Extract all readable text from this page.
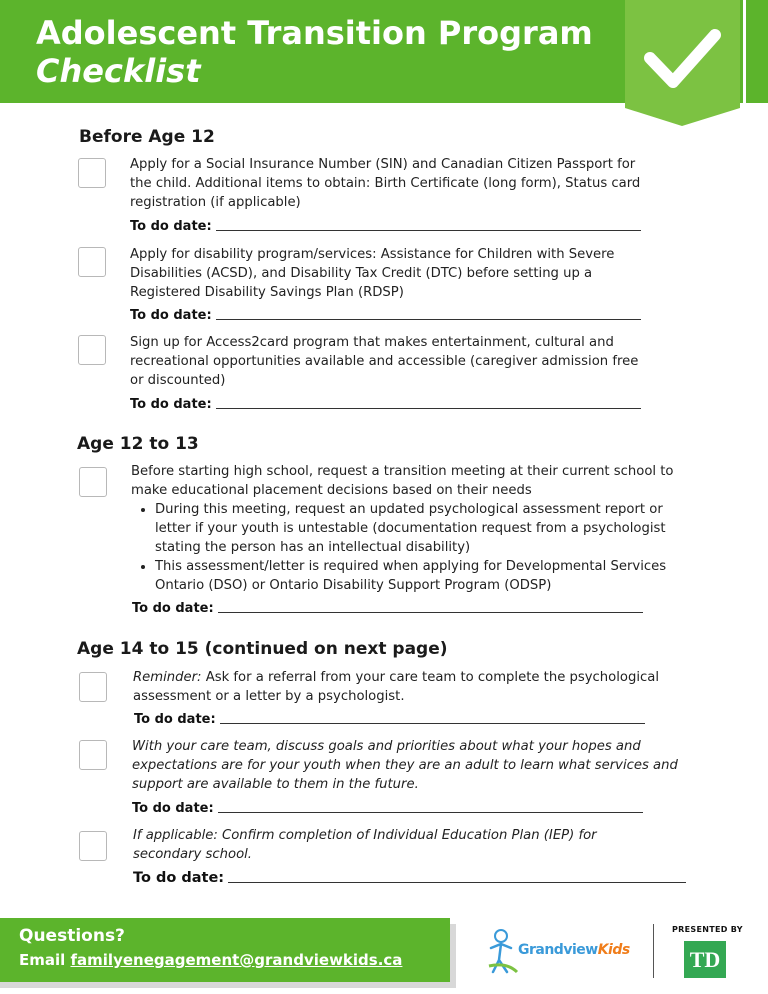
Adolescent Transition Program
Checklist
Before Age 12
Apply for a Social Insurance Number (SIN) and Canadian Citizen Passport for the child. Additional items to obtain: Birth Certificate (long form), Status card registration (if applicable)
To do date:
Apply for disability program/services: Assistance for Children with Severe Disabilities (ACSD), and Disability Tax Credit (DTC) before setting up a Registered Disability Savings Plan (RDSP)
To do date:
Sign up for Access2card program that makes entertainment, cultural and recreational opportunities available and accessible (caregiver admission free or discounted)
To do date:
Age 12 to 13
Before starting high school, request a transition meeting at their current school to make educational placement decisions based on their needs
• During this meeting, request an updated psychological assessment report or letter if your youth is untestable (documentation request from a psychologist stating the person has an intellectual disability)
• This assessment/letter is required when applying for Developmental Services Ontario (DSO) or Ontario Disability Support Program (ODSP)
To do date:
Age 14 to 15 (continued on next page)
Reminder: Ask for a referral from your care team to complete the psychological assessment or a letter by a psychologist.
To do date:
With your care team, discuss goals and priorities about what your hopes and expectations are for your youth when they are an adult to learn what services and support are available to them in the future.
To do date:
If applicable: Confirm completion of Individual Education Plan (IEP) for secondary school.
To do date:
Questions?
Email familyenegagement@grandviewkids.ca
GrandviewKids
PRESENTED BY
TD
